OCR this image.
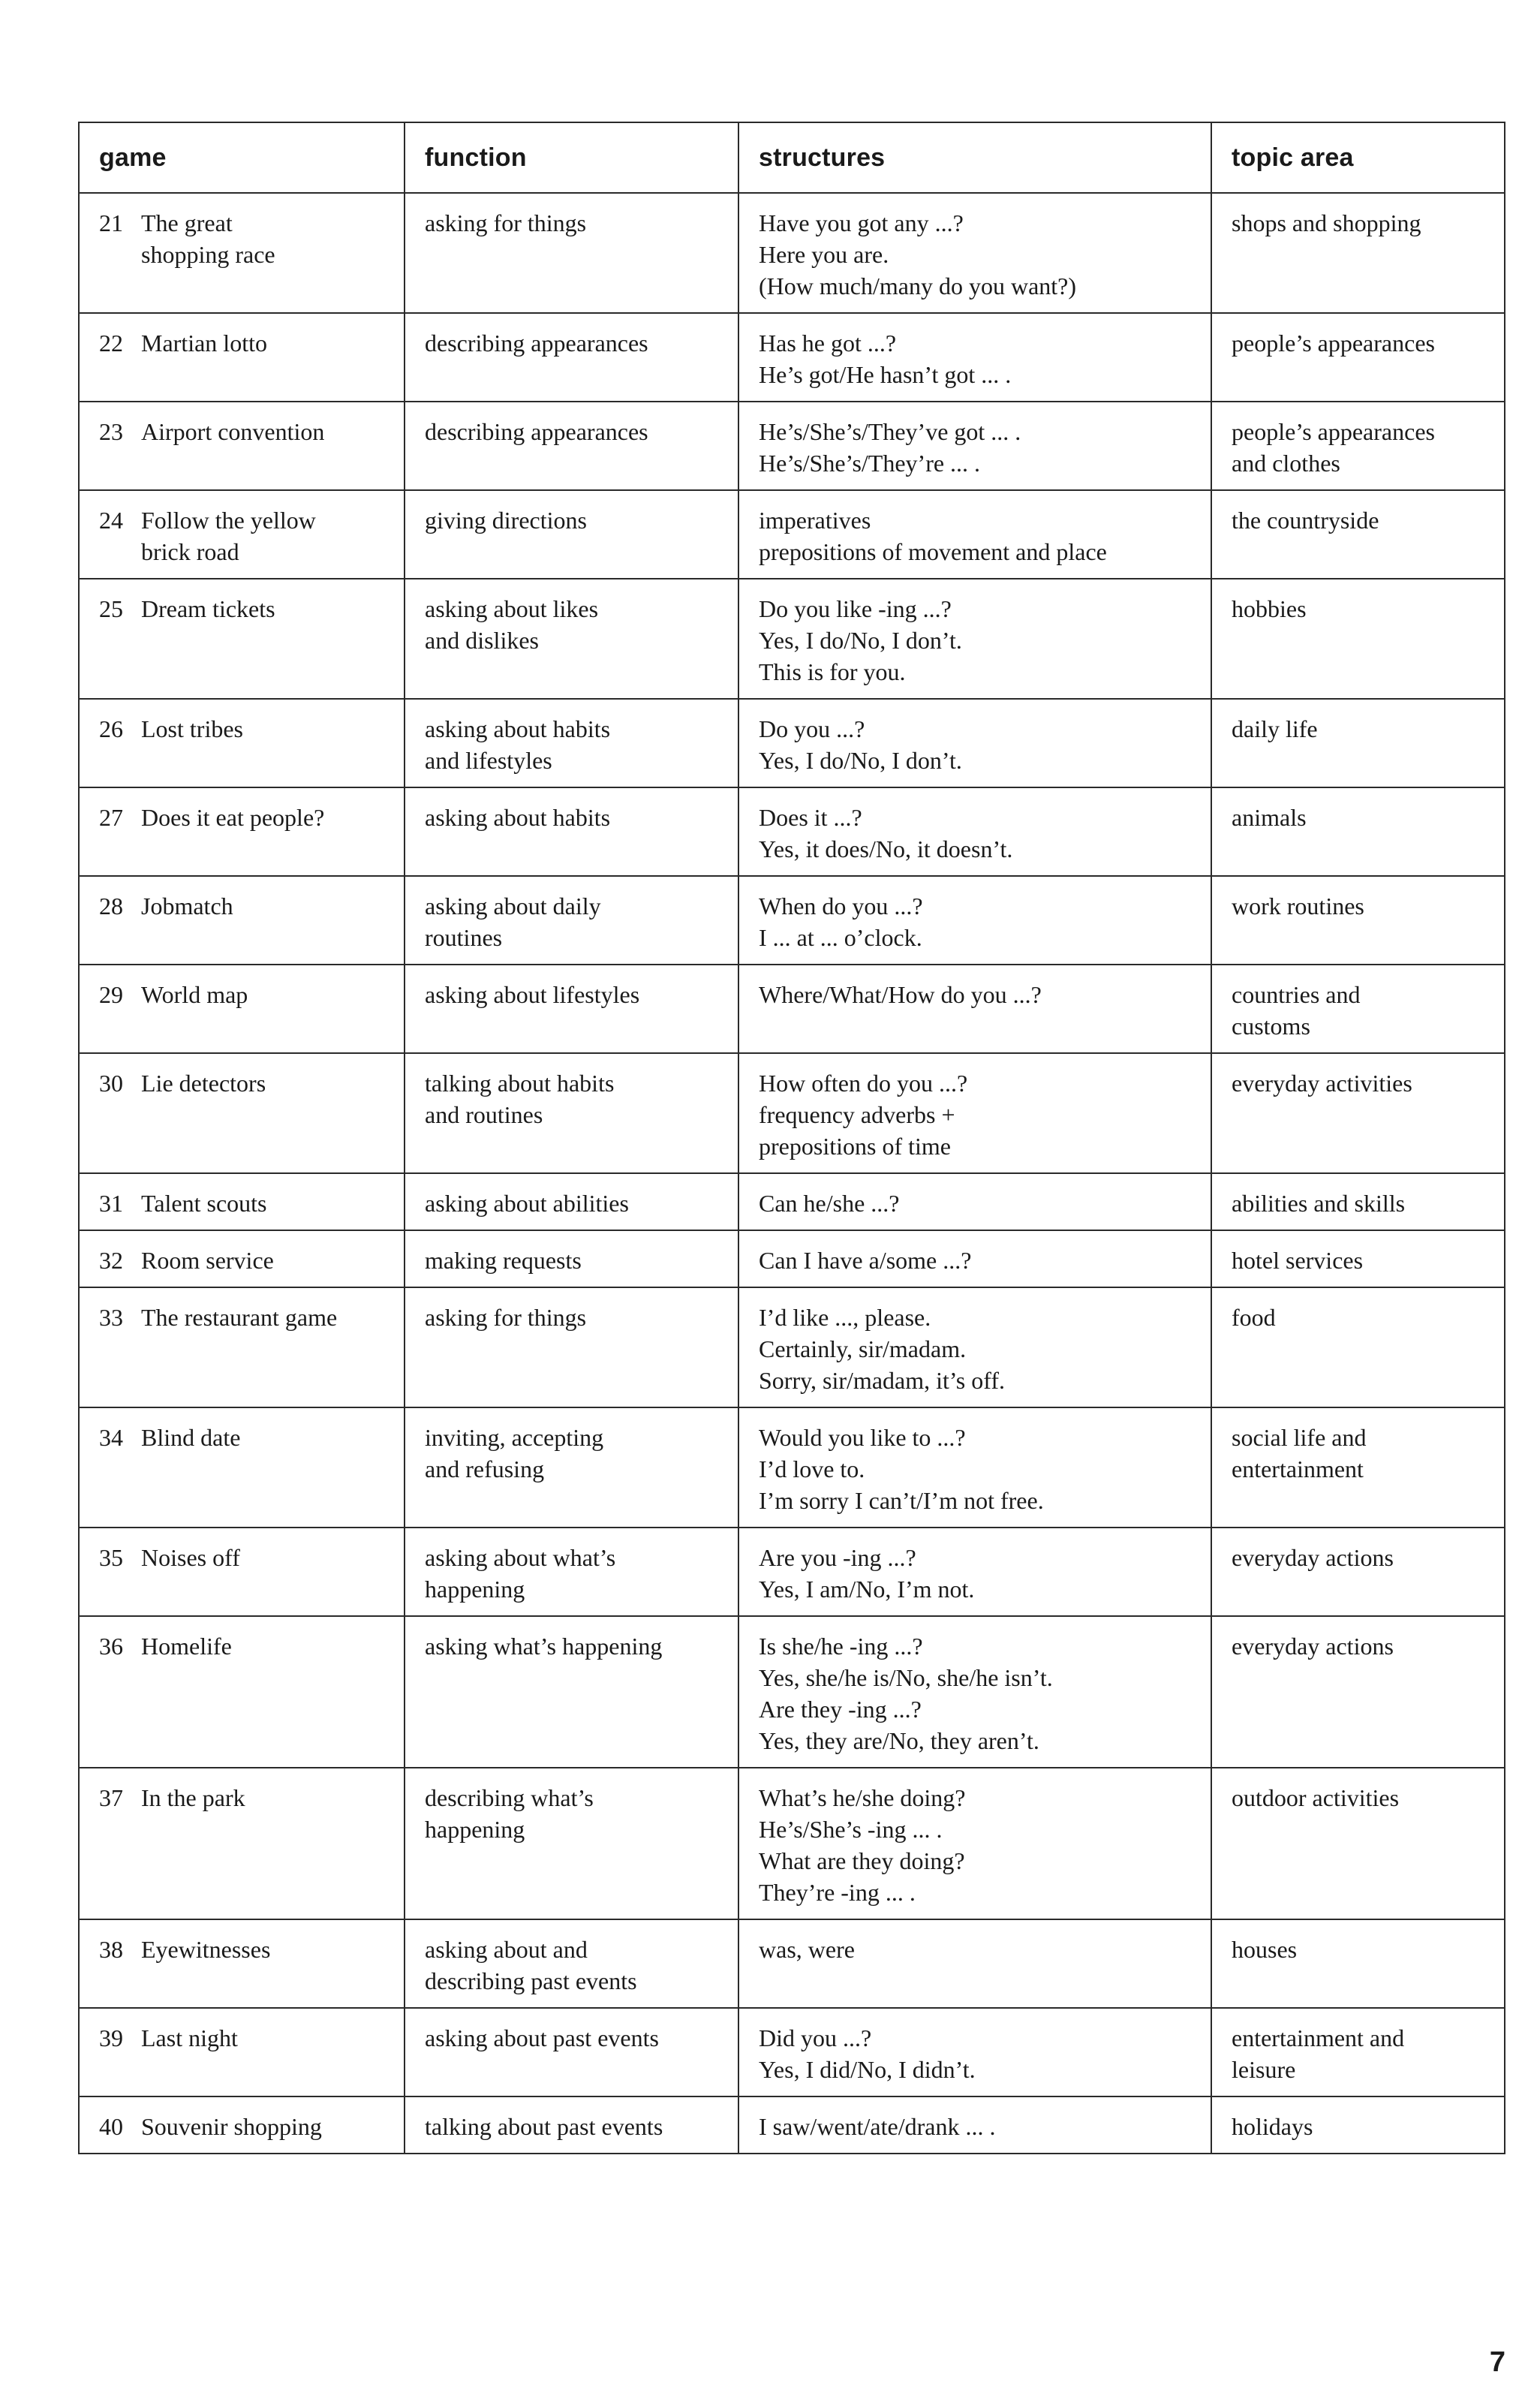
game	function	structures	topic area

21 The great
shopping race	asking for things	Have you got any ...?
Here you are.
(How much/many do you want?)	shops and shopping

22 Martian lotto	describing appearances	Has he got ...?
He’s got/He hasn’t got ... .	people’s appearances

23 Airport convention	describing appearances	He’s/She’s/They’ve got ... .
He’s/She’s/They’re ... .	people’s appearances
and clothes

24 Follow the yellow
brick road	giving directions	imperatives
prepositions of movement and place	the countryside

25 Dream tickets	asking about likes
and dislikes	Do you like -ing ...?
Yes, I do/No, I don’t.
This is for you.	hobbies

26 Lost tribes	asking about habits
and lifestyles	Do you ...?
Yes, I do/No, I don’t.	daily life

27 Does it eat people?	asking about habits	Does it ...?
Yes, it does/No, it doesn’t.	animals

28 Jobmatch	asking about daily
routines	When do you ...?
I ... at ... o’clock.	work routines

29 World map	asking about lifestyles	Where/What/How do you ...?	countries and
customs

30 Lie detectors	talking about habits
and routines	How often do you ...?
frequency adverbs +
prepositions of time	everyday activities

31 Talent scouts	asking about abilities	Can he/she ...?	abilities and skills

32 Room service	making requests	Can I have a/some ...?	hotel services

33 The restaurant game	asking for things	I’d like ..., please.
Certainly, sir/madam.
Sorry, sir/madam, it’s off.	food

34 Blind date	inviting, accepting
and refusing	Would you like to ...?
I’d love to.
I’m sorry I can’t/I’m not free.	social life and
entertainment

35 Noises off	asking about what’s
happening	Are you -ing ...?
Yes, I am/No, I’m not.	everyday actions

36 Homelife	asking what’s happening	Is she/he -ing ...?
Yes, she/he is/No, she/he isn’t.
Are they -ing ...?
Yes, they are/No, they aren’t.	everyday actions

37 In the park	describing what’s
happening	What’s he/she doing?
He’s/She’s -ing ... .
What are they doing?
They’re -ing ... .	outdoor activities

38 Eyewitnesses	asking about and
describing past events	was, were	houses

39 Last night	asking about past events	Did you ...?
Yes, I did/No, I didn’t.	entertainment and
leisure

40 Souvenir shopping	talking about past events	I saw/went/ate/drank ... .	holidays
7
